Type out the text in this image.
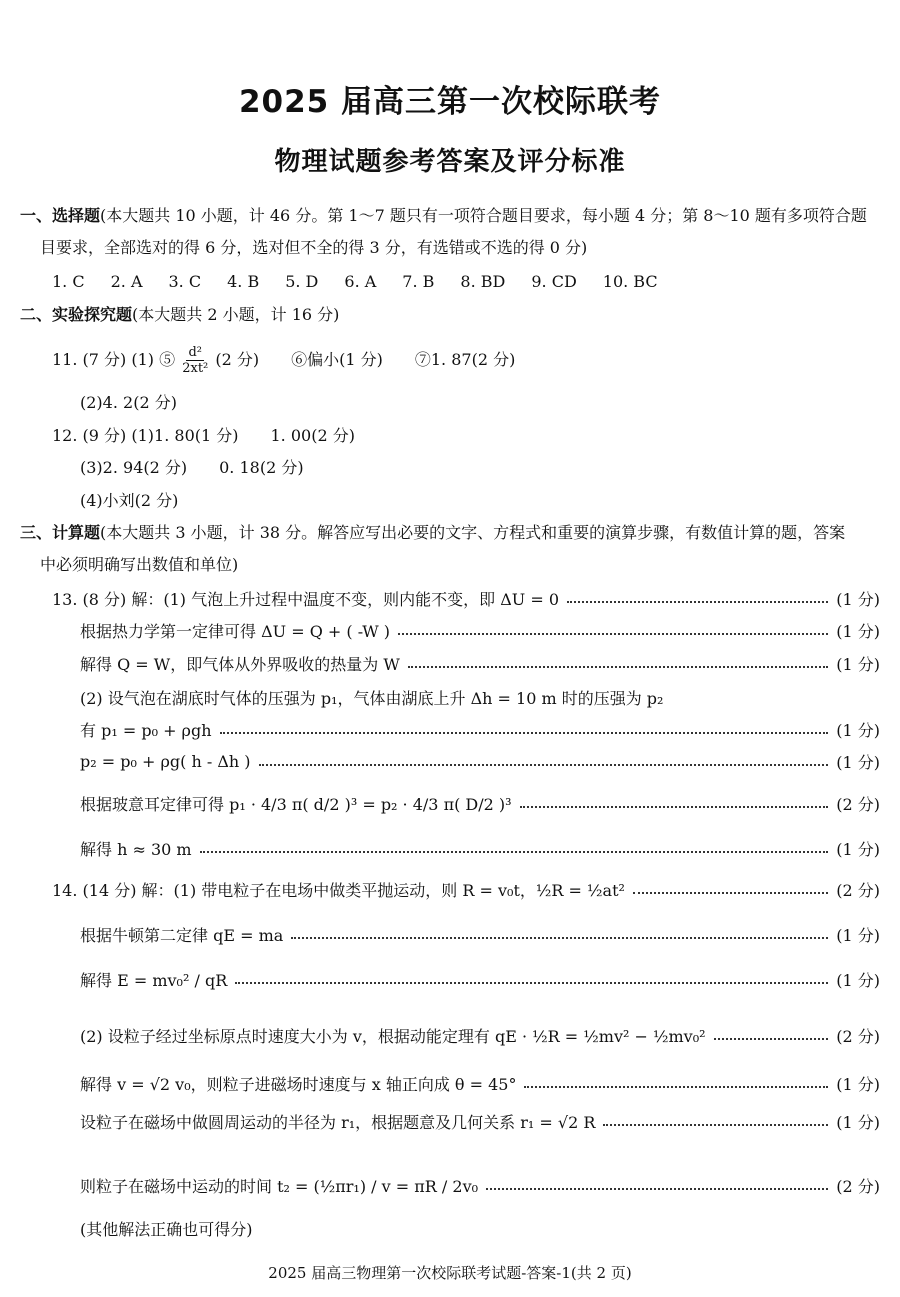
2025 届高三第一次校际联考
物理试题参考答案及评分标准
一、选择题(本大题共 10 小题，计 46 分。第 1～7 题只有一项符合题目要求，每小题 4 分；第 8～10 题有多项符合题
目要求，全部选对的得 6 分，选对但不全的得 3 分，有选错或不选的得 0 分)
1. C 2. A 3. C 4. B 5. D 6. A 7. B 8. BD 9. CD 10. BC
二、实验探究题(本大题共 2 小题，计 16 分)
11. (7 分) (1) ⑤ $\frac{\text{d²}}{\text{2xt²}} (2$ 分)　　⑥偏小(1 分)　　⑦1. 87(2 分)
(2)4. 2(2 分)
12. (9 分) (1)1. 80(1 分)　　1. 00(2 分)
(3)2. 94(2 分)　　0. 18(2 分)
(4)小刘(2 分)
三、计算题(本大题共 3 小题，计 38 分。解答应写出必要的文字、方程式和重要的演算步骤，有数值计算的题，答案
中必须明确写出数值和单位)
13. (8 分) 解：(1) 气泡上升过程中温度不变，则内能不变，即 ΔU = 0	(1 分)
根据热力学第一定律可得 ΔU = Q + ( -W )	(1 分)
解得 Q = W，即气体从外界吸收的热量为 W	(1 分)
(2) 设气泡在湖底时气体的压强为 p₁，气体由湖底上升 Δh = 10 m 时的压强为 p₂
有 p₁ = p₀ + ρgh	(1 分)
p₂ = p₀ + ρg( h - Δh )	(1 分)
根据玻意耳定律可得 p₁ · 4/3 π( d/2 )³ = p₂ · 4/3 π( D/2 )³	(2 分)
解得 h ≈ 30 m	(1 分)
14. (14 分) 解：(1) 带电粒子在电场中做类平抛运动，则 R = v₀t，½R = ½at²	(2 分)
根据牛顿第二定律 qE = ma	(1 分)
解得 E = mv₀² / qR	(1 分)
(2) 设粒子经过坐标原点时速度大小为 v，根据动能定理有 qE · ½R = ½mv² − ½mv₀²	(2 分)
解得 v = √2 v₀，则粒子进磁场时速度与 x 轴正向成 θ = 45°	(1 分)
设粒子在磁场中做圆周运动的半径为 r₁，根据题意及几何关系 r₁ = √2 R	(1 分)
则粒子在磁场中运动的时间 t₂ = (½πr₁) / v = πR / 2v₀	(2 分)
(其他解法正确也可得分)
2025 届高三物理第一次校际联考试题-答案-1(共 2 页)
